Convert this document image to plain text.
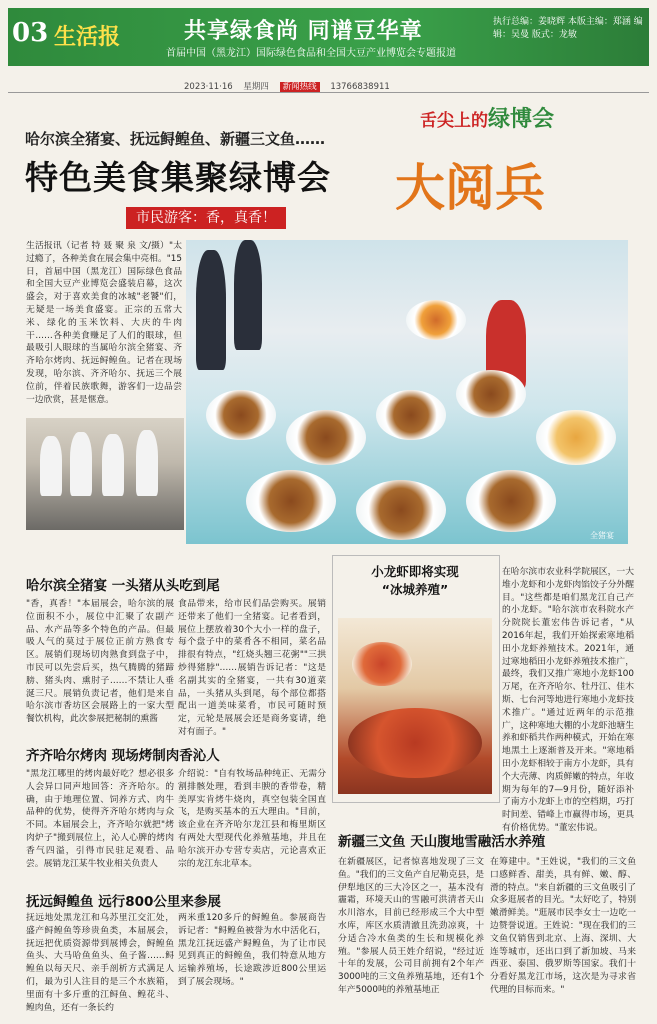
03 生活报	共享绿食尚 同谱豆华章
首届中国（黑龙江）国际绿色食品和全国大豆产业博览会专题报道
执行总编：姜晓辉 本版主编：郑涵 编辑：吴曼 版式：龙敏
2023·11·16 星期四 新闻热线 13766838911
舌尖上的绿博会
哈尔滨全猪宴、抚远鲟鳇鱼、新疆三文鱼……
特色美食集聚绿博会 大阅兵
市民游客：香，真香！
生活报讯（记者 特 聂 聚 泉 文/摄）"太过瘾了，各种美食在展会集中亮相。"15日，首届中国（黑龙江）国际绿色食品和全国大豆产业博览会盛装启幕，这次盛会，对于喜欢美食的冰城"老饕"们，无疑是一场美食盛宴。正宗的五常大米、绿化的玉米饮料、大庆的牛肉干……各种美食赚足了人们的眼球，但最吸引人眼球的当属哈尔滨全猪宴、齐齐哈尔烤肉、抚远鲟鳇鱼。记者在现场发现，哈尔滨、齐齐哈尔、抚远三个展位前，伴着民族歌舞，游客们一边品尝一边欣赏，甚是惬意。
全猪宴
哈尔滨全猪宴 一头猪从头吃到尾
"香，真香！"本届展会，哈尔滨的展位面积不小，展位中汇聚了农副产品、水产品等多个特色的产品。但最吸人气的莫过于展位正前方熟食专区。展销们现场切肉熟食到盘子中，市民可以先尝后买，热气腾腾的猪蹄膀、猪头肉、熏肘子……不禁让人垂涎三尺。展销负责记者，他们是来自哈尔滨市香坊区会展路上的一家大型餐饮机构，此次参展把秘制的熏酱
食品带来，给市民们品尝购买。展销还带来了他们一全猪宴。记者看到，展位上摆放着30个大小一样的盘子，每个盘子中的菜肴各不相同，菜名品排很有特点，"红烧头翘三花粥""三拱炒得猪脖"……展销告诉记者："这是名副其实的全猪宴，一共有30道菜品，一头猪从头到尾，每个部位都搭配出一道美味菜肴，市民可随时预定，元轮是展展会还是商务宴请，绝对有面子。"
齐齐哈尔烤肉 现场烤制肉香沁人
"黑龙江哪里的烤肉最好吃？想必很多人会异口同声地回答：齐齐哈尔。的确，由于地理位置、饲养方式、肉牛品种的优势，使得齐齐哈尔烤肉与众不同。本届展会上，齐齐哈尔就把"烤肉炉子"搬到展位上，沁人心脾的烤肉香气四溢，引得市民驻足观看、品尝。展销龙江某牛牧业相关负责人
介绍说："自有牧场品种纯正、无需分割排骸处理，看到丰腴的香带卷，精美厚实肯烤牛烧肉，真空包装全国直飞，是购买基本的五大理由。"目前，该企业在齐齐哈尔龙江县和梅里斯区有两处大型现代化养殖基地，并且在哈尔滨开办专营专卖店，元论喜欢正宗的龙江东北草本。
抚远鲟鳇鱼 远行800公里来参展
抚远地处黑龙江和乌苏里江交汇处，盛产鲟鳇鱼等珍贵鱼类，本届展会，抚远把优质资源带到展博会，鲟鳇鱼鱼头、大马哈鱼鱼头、鱼子酱……鲟鳇鱼以每天尺、亲手剖析方式满足人们，最为引人注目的是三个水族箱，里面有十多斤重的江鲟鱼、鳇花斗、鳇肉鱼，还有一条长约
两米重120多斤的鲟鳇鱼。参展商告诉记者："鲟鳇鱼被誉为水中活化石，黑龙江抚远盛产鲟鳇鱼，为了让市民见到真正的鲟鳇鱼，我们特意从地方运输养殖场，长途跋涉近800公里运到了展会现场。"
小龙虾即将实现
“冰城养殖”
在哈尔滨市农业科学院展区，一大堆小龙虾和小龙虾肉馅饺子分外醒目。"这些都是咱们黑龙江自己产的小龙虾。"哈尔滨市农科院水产分院院长董宏伟告诉记者，"从2016年起，我们开始探索寒地稻田小龙虾养殖技术。2021年，通过寒地稻田小龙虾养殖技术推广，最终，我们又推广寒地小龙虾100万尾，在齐齐哈尔、牡丹江、佳木斯、七台河等地进行寒地小龙虾技术推广。"通过近两年的示范推广，这种寒地大棚的小龙虾池塘生养和虾稻共作两种模式，开始在寒地黑土上逐渐普及开来。"寒地稻田小龙虾相较于南方小龙虾，具有个大壳薄、肉质鲜嫩的特点，年收期为每年的7—9月份，随好添补了南方小龙虾上市的空档期，巧打时间差、错峰上市赢得市场，更具有价格优势。"董宏伟说。
新疆三文鱼 天山腹地雪融活水养殖
在新疆展区，记者惊喜地发现了三文鱼。"我们的三文鱼产自尼勒克县，是伊犁地区的三大冷区之一，基本没有霾霜，环境天山的雪融可洪清者天山水川溶水，目前已经形成三个大中型水库，库区水质清澈且洗劲凉爽，十分适合冷水鱼类的生长和规模化养殖。"参展人员王姓介绍说，"经过近十年的发展，公司目前拥有2个年产3000吨的三文鱼养殖基地，还有1个年产5000吨的养殖基地正
在筹建中。"王姓说，"我们的三文鱼口感鲜香、甜美，具有鲜、嫩、醇、滑的特点。"来自新疆的三文鱼吸引了众多逛展者的目光。"太好吃了，特别嫩滑鲜美。"逛展市民李女士一边吃一边赞誉说道。王姓说："现在我们的三文鱼仅销售到北京、上海、深圳、大连等城市，还出口到了新加坡、马来西亚、泰国、俄罗斯等国家。我们十分看好黑龙江市场，这次是为寻求省代理的目标而来。"
